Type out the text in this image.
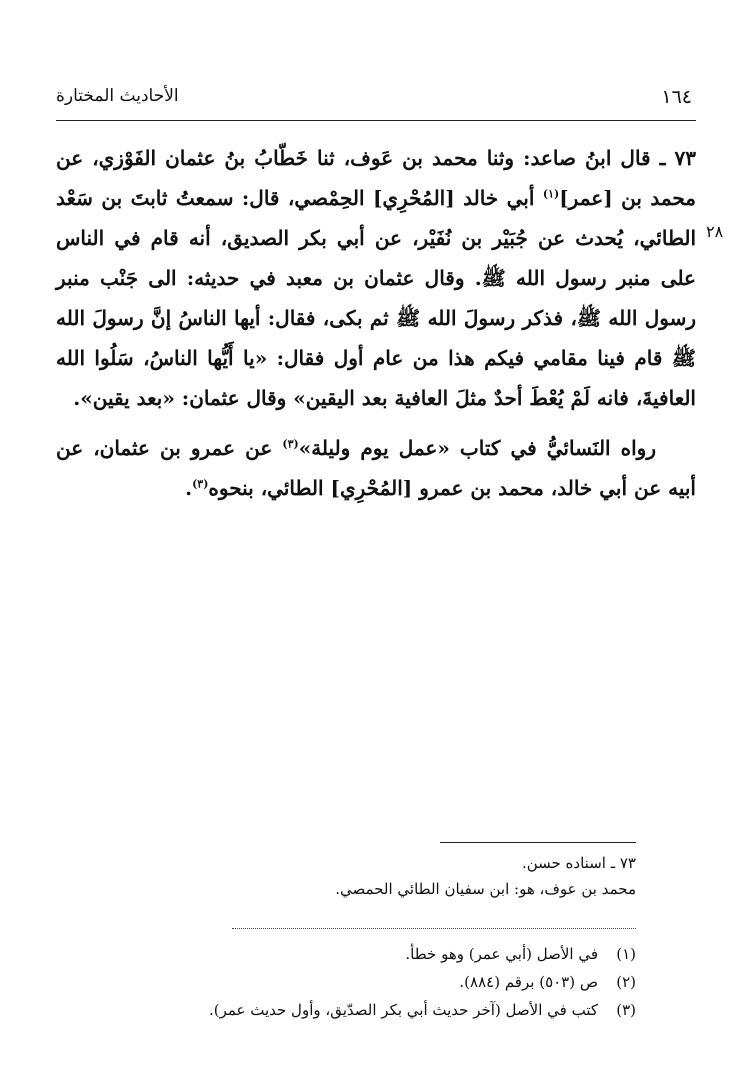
١٦٤
الأحاديث المختارة
٢٨

٧٣ ـ قال ابنُ صاعد: وثنا محمد بن عَوف، ثنا خَطّابُ بنُ عثمان الفَوْزي، عن محمد بن [عمر]$^{(١)}$ أبي خالد [المُحْرِي] الحِمْصي، قال: سمعتُ ثابتَ بن سَعْد الطائي، يُحدث عن جُبَيْر بن نُفَيْر، عن أبي بكر الصديق، أنه قام في الناس على منبر رسول الله ﷺ. وقال عثمان بن معبد في حديثه: الى جَنْب منبر رسول الله ﷺ، فذكر رسولَ الله ﷺ ثم بكى، فقال: أيها الناسُ إنَّ رسولَ الله ﷺ قام فينا مقامي فيكم هذا من عام أول فقال: «يا أَيُّها الناسُ، سَلُوا الله العافيةَ، فانه لَمْ يُعْطَ أحدٌ مثلَ العافية بعد اليقين» وقال عثمان: «بعد يقين».

رواه النَسائيُّ في كتاب «عمل يوم وليلة»$^{(٣)}$ عن عمرو بن عثمان، عن أبيه عن أبي خالد، محمد بن عمرو [المُحْرِي] الطائي، بنحوه$^{(٣)}$.

٧٣ ـ اسناده حسن.
محمد بن عوف، هو: ابن سفيان الطائي الحمصي.
(١)في الأصل (أبي عمر) وهو خطأ.
(٢)ص (٥٠٣) برقم (٨٨٤).
(٣)كتب في الأصل (آخر حديث أبي بكر الصدّيق، وأول حديث عمر).
